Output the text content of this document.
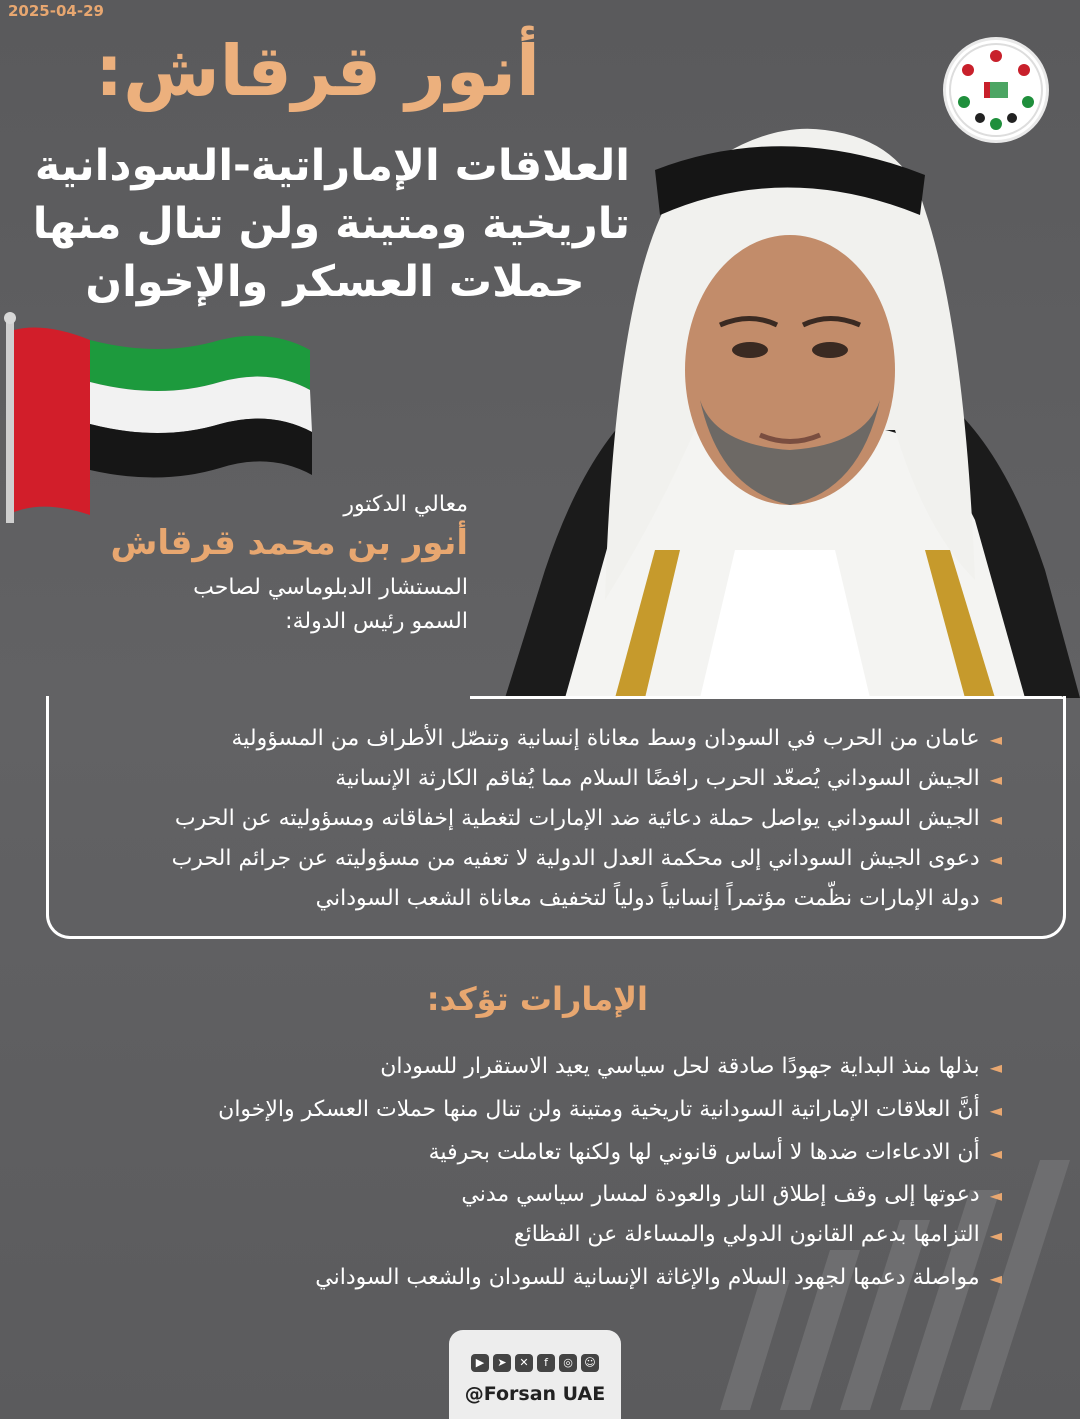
2025-04-29
أنور قرقاش:
العلاقات الإماراتية-السودانية
تاريخية ومتينة ولن تنال منها
حملات العسكر والإخوان
معالي الدكتور
أنور بن محمد قرقاش
المستشار الدبلوماسي لصاحب
السمو رئيس الدولة:
◄عامان من الحرب في السودان وسط معاناة إنسانية وتنصّل الأطراف من المسؤولية
◄الجيش السوداني يُصعّد الحرب رافضًا السلام مما يُفاقم الكارثة الإنسانية
◄الجيش السوداني يواصل حملة دعائية ضد الإمارات لتغطية إخفاقاته ومسؤوليته عن الحرب
◄دعوى الجيش السوداني إلى محكمة العدل الدولية لا تعفيه من مسؤوليته عن جرائم الحرب
◄دولة الإمارات نظّمت مؤتمراً إنسانياً دولياً لتخفيف معاناة الشعب السوداني
الإمارات تؤكد:
◄بذلها منذ البداية جهودًا صادقة لحل سياسي يعيد الاستقرار للسودان
◄أنَّ العلاقات الإماراتية السودانية تاريخية ومتينة ولن تنال منها حملات العسكر والإخوان
◄أن الادعاءات ضدها لا أساس قانوني لها ولكنها تعاملت بحرفية
◄دعوتها إلى وقف إطلاق النار والعودة لمسار سياسي مدني
◄التزامها بدعم القانون الدولي والمساءلة عن الفظائع
◄مواصلة دعمها لجهود السلام والإغاثة الإنسانية للسودان والشعب السوداني
▶	➤	✕	f	◎	☺
@Forsan UAE
